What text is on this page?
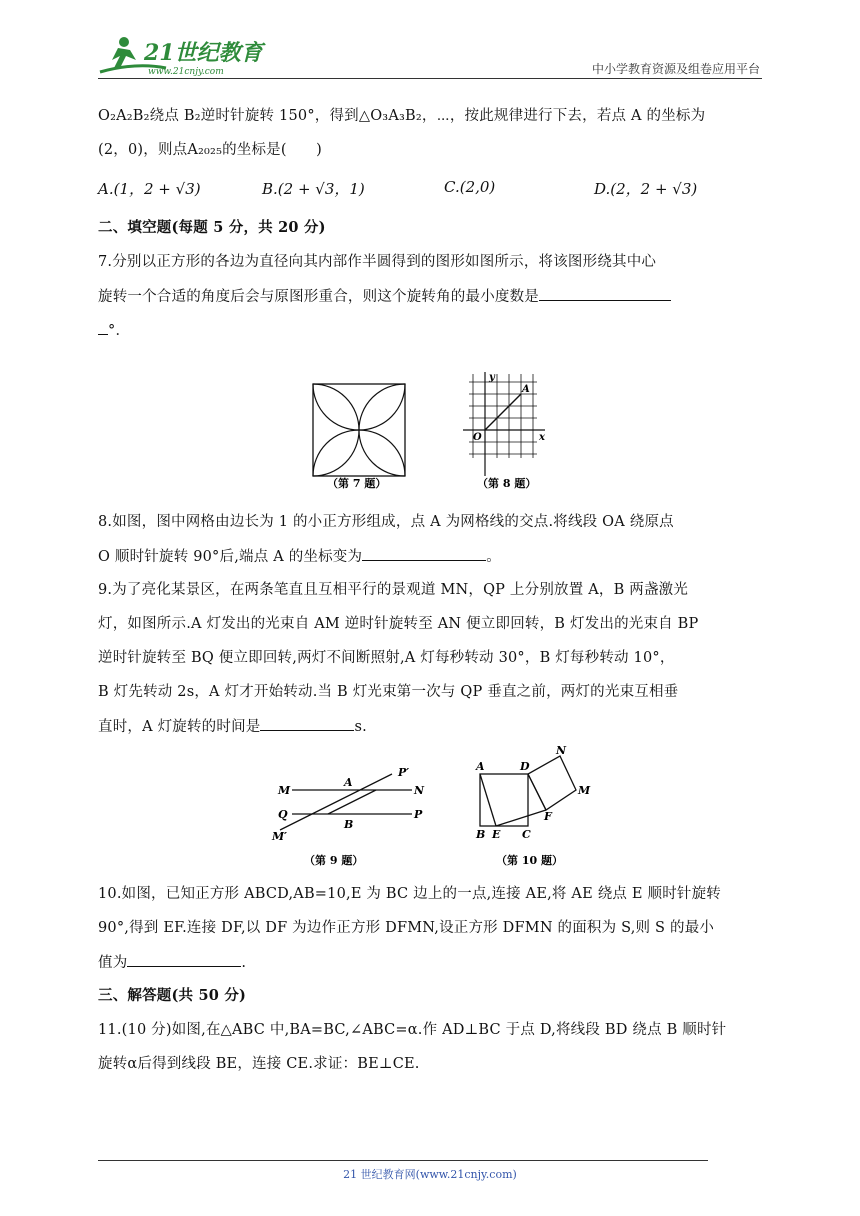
21世纪教育
www.21cnjy.com	中小学教育资源及组卷应用平台
O₂A₂B₂绕点 B₂逆时针旋转 150°，得到△O₃A₃B₂，⋯，按此规律进行下去，若点 A 的坐标为
(2，0)，则点A₂₀₂₅的坐标是(　　)
A.(1，2 + √3)	B.(2 + √3，1)	C.(2,0)	D.(2，2 + √3)
二、填空题(每题 5 分，共 20 分)
7.分别以正方形的各边为直径向其内部作半圆得到的图形如图所示，将该图形绕其中心
旋转一个合适的角度后会与原图形重合，则这个旋转角的最小度数是
°．
（第 7 题）
y
x
O
A
（第 8 题）
8.如图，图中网格由边长为 1 的小正方形组成，点 A 为网格线的交点.将线段 OA 绕原点
O 顺时针旋转 90°后,端点 A 的坐标变为	。
9.为了亮化某景区，在两条笔直且互相平行的景观道 MN，QP 上分别放置 A，B 两盏激光
灯，如图所示.A 灯发出的光束自 AM 逆时针旋转至 AN 便立即回转，B 灯发出的光束自 BP
逆时针旋转至 BQ 便立即回转,两灯不间断照射,A 灯每秒转动 30°，B 灯每秒转动 10°，
B 灯先转动 2s，A 灯才开始转动.当 B 灯光束第一次与 QP 垂直之前，两灯的光束互相垂
直时，A 灯旋转的时间是	s.
M
A
P′
N
Q	P
M′
B
（第 9 题）
A	D
N
M
F
B E C
（第 10 题）
10.如图，已知正方形 ABCD,AB=10,E 为 BC 边上的一点,连接 AE,将 AE 绕点 E 顺时针旋转
90°,得到 EF.连接 DF,以 DF 为边作正方形 DFMN,设正方形 DFMN 的面积为 S,则 S 的最小
值为	.
三、解答题(共 50 分)
11.(10 分)如图,在△ABC 中,BA=BC,∠ABC=α.作 AD⊥BC 于点 D,将线段 BD 绕点 B 顺时针
旋转α后得到线段 BE，连接 CE.求证：BE⊥CE.
21 世纪教育网(www.21cnjy.com)
